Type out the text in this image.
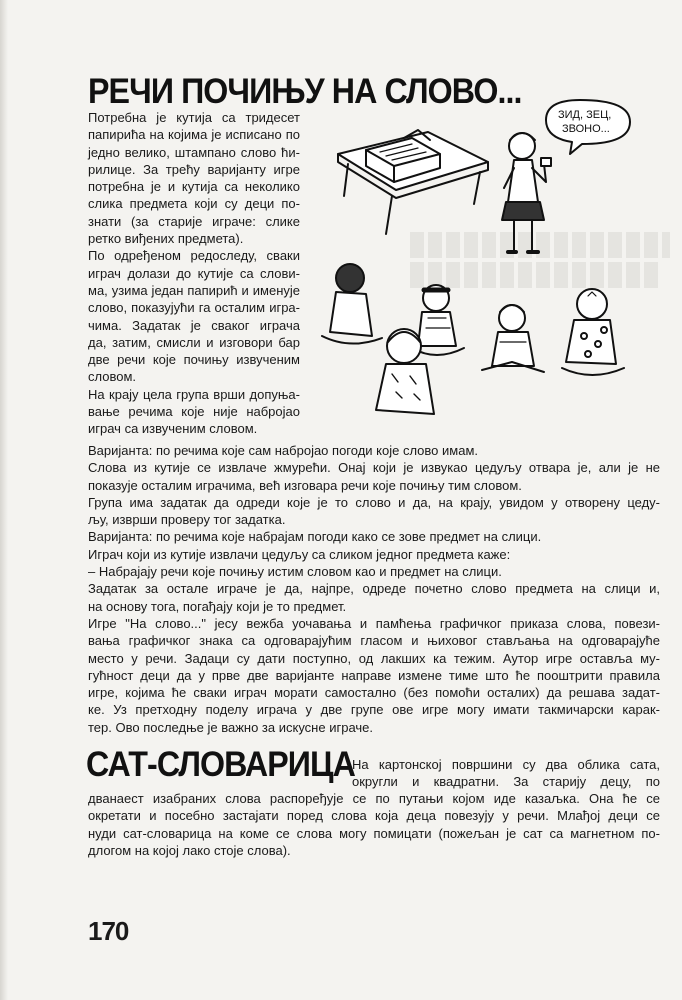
РЕЧИ ПОЧИЊУ НА СЛОВО...
Потребна је кутија са тридесет
папирића на којима је исписано по
једно велико, штампано слово ћи-
рилице. За трећу варијанту игре
потребна је и кутија са неколико
слика предмета који су деци по-
знати (за старије играче: слике
ретко виђених предмета).
По одређеном редоследу, сваки
играч долази до кутије са слови-
ма, узима један папирић и именује
слово, показујући га осталим игра-
чима. Задатак је сваког играча
да, затим, смисли и изговори бар
две речи које почињу извученим
словом.
На крају цела група врши допуња-
вање речима које није набројао
играч са извученим словом.
ЗИД, ЗЕЦ,
ЗВОНО...
Варијанта: по речима које сам набројао погоди које слово имам.
Слова из кутије се извлаче жмурећи. Онај који је извукао цедуљу отвара је, али је не
показује осталим играчима, већ изговара речи које почињу тим словом.
Група има задатак да одреди које је то слово и да, на крају, увидом у отворену цеду-
љу, изврши проверу тог задатка.
Варијанта: по речима које набрајам погоди како се зове предмет на слици.
Играч који из кутије извлачи цедуљу са сликом једног предмета каже:
– Набрајају речи које почињу истим словом као и предмет на слици.
Задатак за остале играче је да, најпре, одреде почетно слово предмета на слици и,
на основу тога, погађају који је то предмет.
Игре "На слово..." јесу вежба уочавања и памћења графичког приказа слова, повези-
вања графичког знака са одговарајућим гласом и њиховог стављања на одговарајуће
место у речи. Задаци су дати поступно, од лакших ка тежим. Аутор игре оставља му-
гућност деци да у прве две варијанте направе измене тиме што ће пооштрити правила
игре, којима ће сваки играч морати самостално (без помоћи осталих) да решава задат-
ке. Уз претходну поделу играча у две групе ове игре могу имати такмичарски карак-
тер. Ово последње је важно за искусне играче.
САТ-СЛОВАРИЦА
На картонској површини су два облика сата,
округли и квадратни. За старију децу, по
дванаест изабраних слова распоређује се по путањи којом иде казаљка. Она ће се
окретати и посебно застајати поред слова која деца повезују у речи. Млађој деци се
нуди сат-словарица на коме се слова могу помицати (пожељан је сат са магнетном по-
длогом на којој лако стоје слова).

170
